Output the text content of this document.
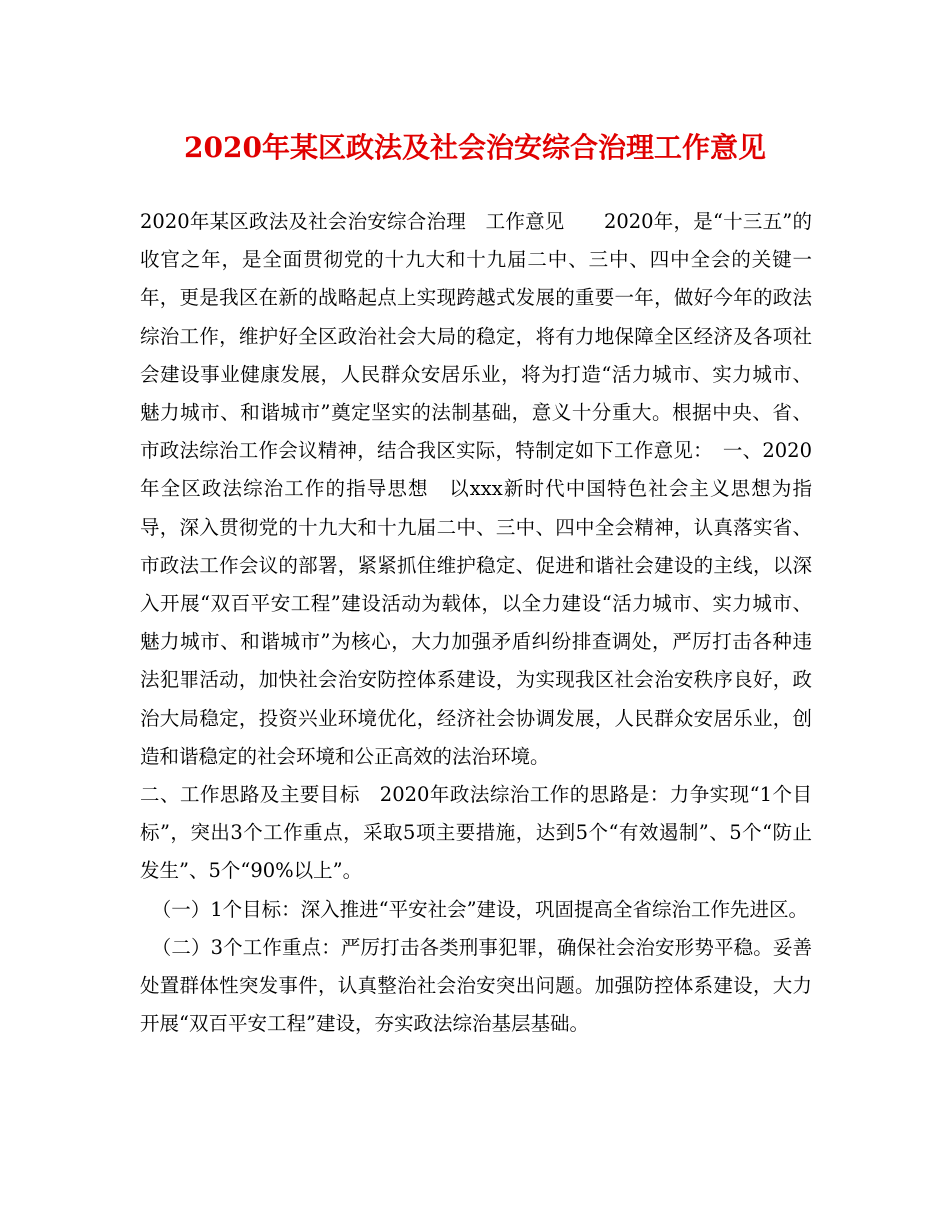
2020年某区政法及社会治安综合治理工作意见

2020年某区政法及社会治安综合治理　工作意见　　2020年，是“十三五”的收官之年，是全面贯彻党的十九大和十九届二中、三中、四中全会的关键一年，更是我区在新的战略起点上实现跨越式发展的重要一年，做好今年的政法综治工作，维护好全区政治社会大局的稳定，将有力地保障全区经济及各项社会建设事业健康发展，人民群众安居乐业，将为打造“活力城市、实力城市、魅力城市、和谐城市”奠定坚实的法制基础，意义十分重大。根据中央、省、市政法综治工作会议精神，结合我区实际，特制定如下工作意见：　一、2020年全区政法综治工作的指导思想　以xxx新时代中国特色社会主义思想为指导，深入贯彻党的十九大和十九届二中、三中、四中全会精神，认真落实省、市政法工作会议的部署，紧紧抓住维护稳定、促进和谐社会建设的主线，以深入开展“双百平安工程”建设活动为载体，以全力建设“活力城市、实力城市、魅力城市、和谐城市”为核心，大力加强矛盾纠纷排查调处，严厉打击各种违法犯罪活动，加快社会治安防控体系建设，为实现我区社会治安秩序良好，政治大局稳定，投资兴业环境优化，经济社会协调发展，人民群众安居乐业，创造和谐稳定的社会环境和公正高效的法治环境。

二、工作思路及主要目标　2020年政法综治工作的思路是：力争实现“1个目标”，突出3个工作重点，采取5项主要措施，达到5个“有效遏制”、5个“防止发生”、5个“90%以上”。

（一）1个目标：深入推进“平安社会”建设，巩固提高全省综治工作先进区。

（二）3个工作重点：严厉打击各类刑事犯罪，确保社会治安形势平稳。妥善处置群体性突发事件，认真整治社会治安突出问题。加强防控体系建设，大力开展“双百平安工程”建设，夯实政法综治基层基础。
